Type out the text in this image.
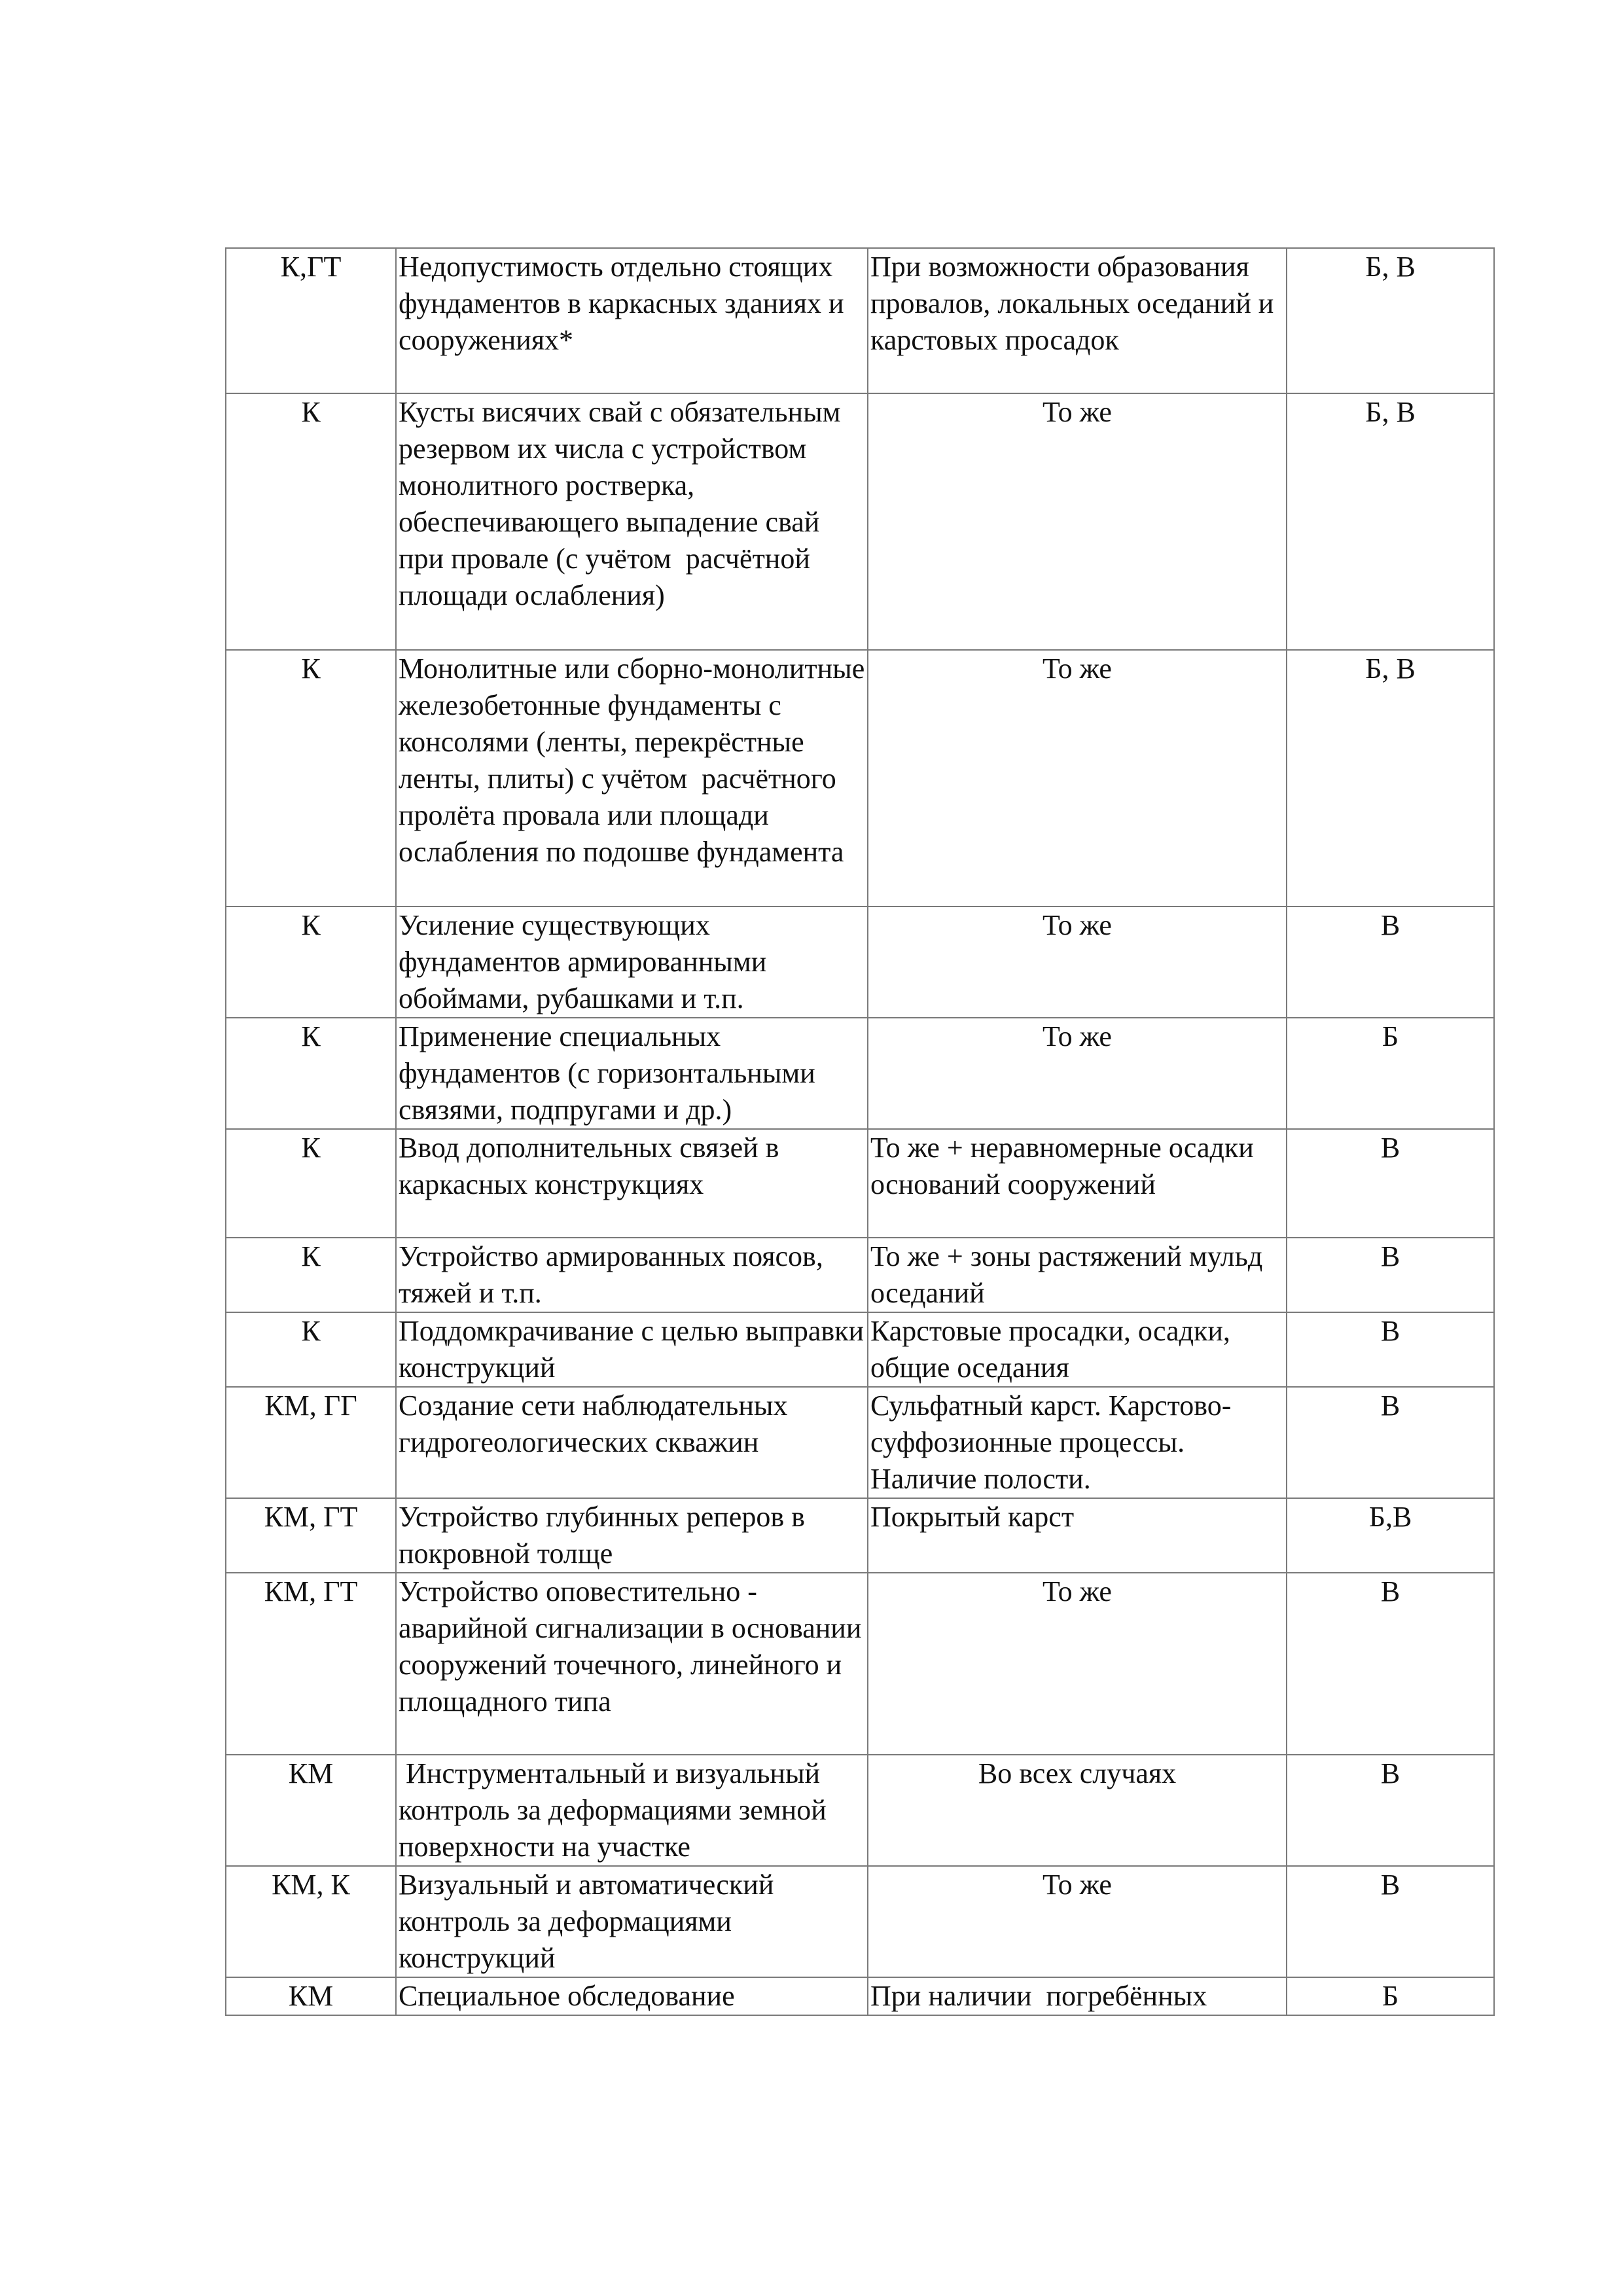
К,ГТ	Недопустимость отдельно стоящих фундаментов в каркасных зданиях и сооружениях*	При возможности образования провалов, локальных оседаний и карстовых просадок	Б, В
К	Кусты висячих свай с обязательным резервом их числа с устройством монолитного ростверка, обеспечивающего выпадение свай при провале (с учётом  расчётной площади ослабления)	То же	Б, В
К	Монолитные или сборно-монолитные железобетонные фундаменты с консолями (ленты, перекрёстные ленты, плиты) с учётом  расчётного пролёта провала или площади ослабления по подошве фундамента	То же	Б, В
К	Усиление существующих фундаментов армированными обоймами, рубашками и т.п.	То же	В
К	Применение специальных фундаментов (с горизонтальными связями, подпругами и др.)	То же	Б
К	Ввод дополнительных связей в каркасных конструкциях	То же + неравномерные осадки оснований сооружений	В
К	Устройство армированных поясов, тяжей и т.п.	То же + зоны растяжений мульд оседаний	В
К	Поддомкрачивание с целью выправки конструкций	Карстовые просадки, осадки, общие оседания	В
КМ, ГГ	Создание сети наблюдательных гидрогеологических скважин	Сульфатный карст. Карстово-суффозионные процессы. Наличие полости.	В
КМ, ГТ	Устройство глубинных реперов в покровной толще	Покрытый карст	Б,В
КМ, ГТ	Устройство оповестительно - аварийной сигнализации в основании сооружений точечного, линейного и площадного типа	То же	В
КМ	Инструментальный и визуальный контроль за деформациями земной поверхности на участке	Во всех случаях	В
КМ, К	Визуальный и автоматический контроль за деформациями конструкций	То же	В
КМ	Специальное обследование	При наличии  погребённых	Б
